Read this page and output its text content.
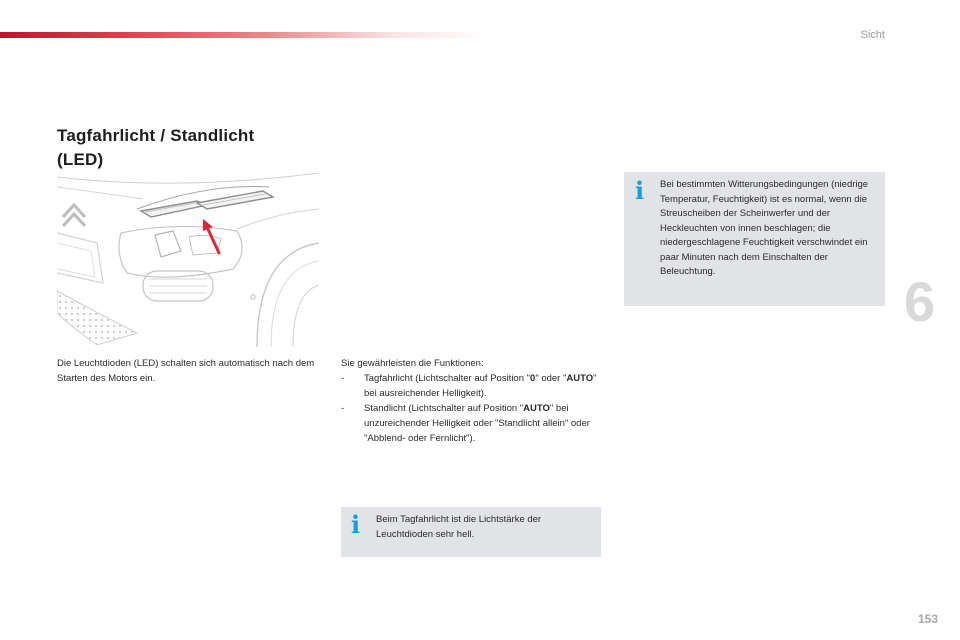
Sicht
Tagfahrlicht / Standlicht
(LED)

Die Leuchtdioden (LED) schalten sich automatisch nach dem Starten des Motors ein.

Sie gewährleisten die Funktionen:

- Tagfahrlicht (Lichtschalter auf Position "0" oder "AUTO" bei ausreichender Helligkeit).
- Standlicht (Lichtschalter auf Position "AUTO" bei unzureichender Helligkeit oder "Standlicht allein" oder "Abblend- oder Fernlicht").
i Beim Tagfahrlicht ist die Lichtstärke der Leuchtdioden sehr hell.

i Bei bestimmten Witterungsbedingungen (niedrige Temperatur, Feuchtigkeit) ist es normal, wenn die Streuscheiben der Scheinwerfer und der Heckleuchten von innen beschlagen; die niedergeschlagene Feuchtigkeit verschwindet ein paar Minuten nach dem Einschalten der Beleuchtung.	6
153
